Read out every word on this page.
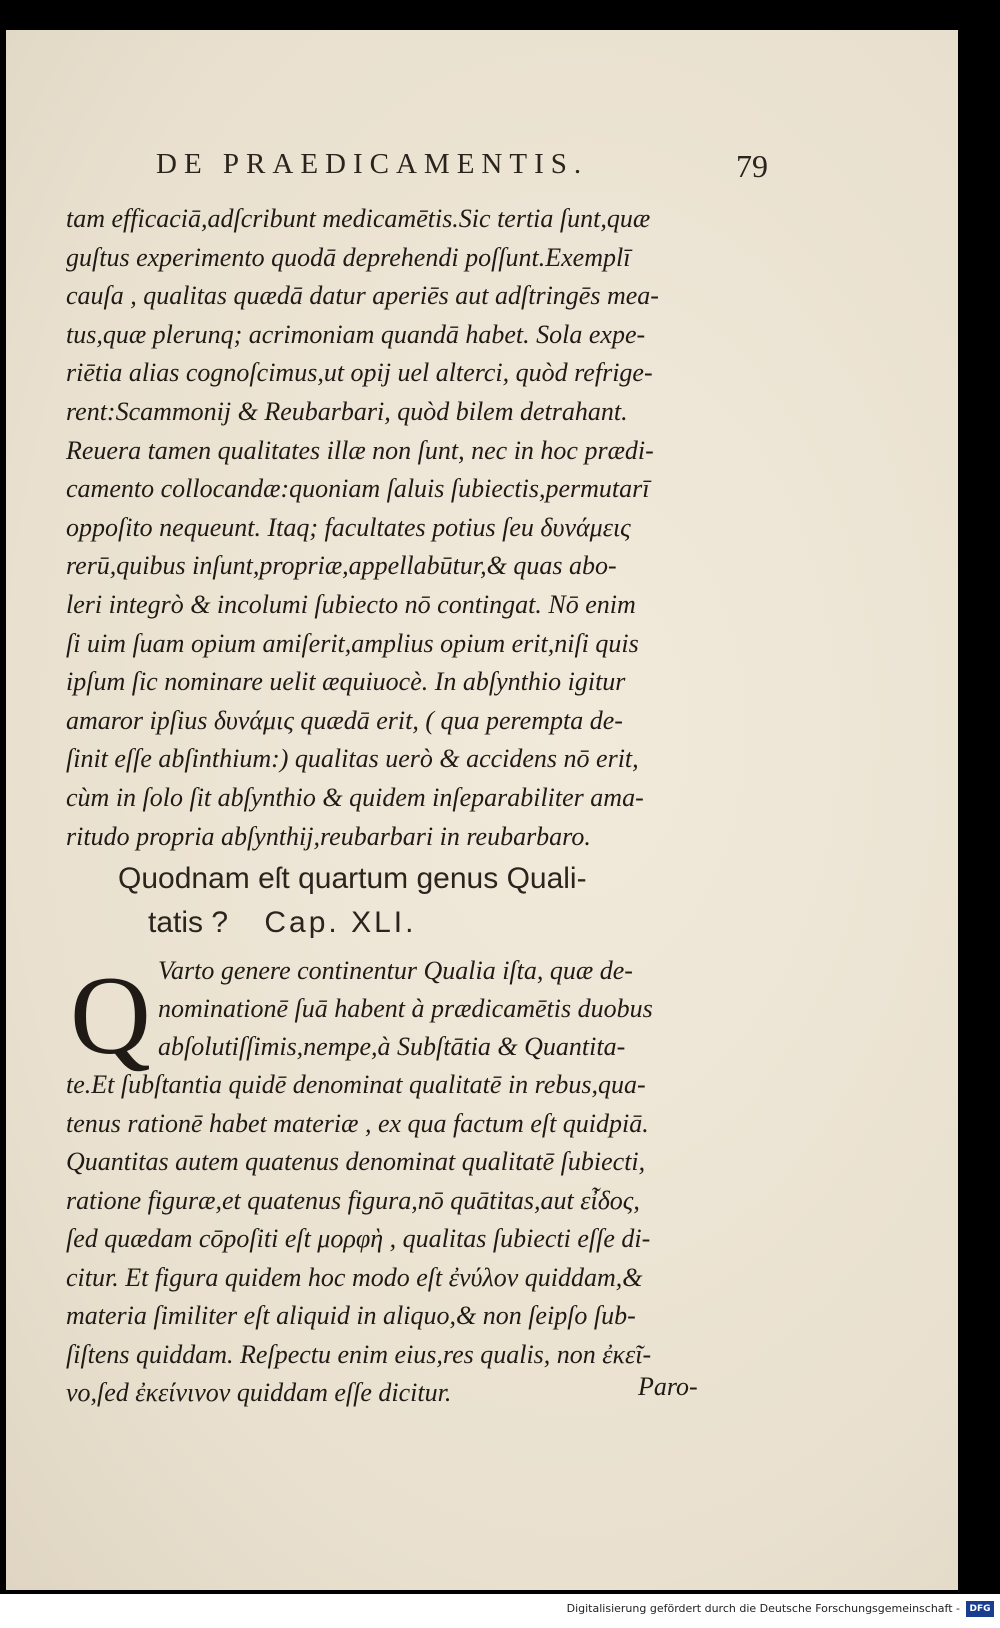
DE PRAEDICAMENTIS.	79
tam efficaciā,adſcribunt medicamētis.Sic tertia ſunt,quæ
guſtus experimento quodā deprehendi poſſunt.Exemplī
cauſa , qualitas quædā datur aperiēs aut adſtringēs mea-
tus,quæ plerunq; acrimoniam quandā habet. Sola expe-
riētia alias cognoſcimus,ut opij uel alterci, quòd refrige-
rent:Scammonij & Reubarbari, quòd bilem detrahant.
Reuera tamen qualitates illæ non ſunt, nec in hoc prædi-
camento collocandæ:quoniam ſaluis ſubiectis,permutarī
oppoſito nequeunt. Itaq; facultates potius ſeu δυνάμεις
rerū,quibus inſunt,propriæ,appellabūtur,& quas abo-
leri integrò & incolumi ſubiecto nō contingat. Nō enim
ſi uim ſuam opium amiſerit,amplius opium erit,niſi quis
ipſum ſic nominare uelit æquiuocè. In abſynthio igitur
amaror ipſius δυνάμις quædā erit, ( qua perempta de-
ſinit eſſe abſinthium:) qualitas uerò & accidens nō erit,
cùm in ſolo ſit abſynthio & quidem inſeparabiliter ama-
ritudo propria abſynthij,reubarbari in reubarbaro.
Quodnam eſt quartum genus Quali-
tatis ? Cap. XLI.
Q Varto genere continentur Qualia iſta, quæ de-
nominationē ſuā habent à prædicamētis duobus
abſolutiſſimis,nempe,à Subſtātia & Quantita-
te.Et ſubſtantia quidē denominat qualitatē in rebus,qua-
tenus rationē habet materiæ , ex qua factum eſt quidpiā.
Quantitas autem quatenus denominat qualitatē ſubiecti,
ratione figuræ,et quatenus figura,nō quātitas,aut εἶδος,
ſed quædam cōpoſiti eſt μορφὴ , qualitas ſubiecti eſſe di-
citur. Et figura quidem hoc modo eſt ἐνύλον quiddam,&
materia ſimiliter eſt aliquid in aliquo,& non ſeipſo ſub-
ſiſtens quiddam. Reſpectu enim eius,res qualis, non ἐκεῖ-
νο,ſed ἐκείνινον quiddam eſſe dicitur.	Paro-
Digitalisierung gefördert durch die Deutsche Forschungsgemeinschaft -	DFG
